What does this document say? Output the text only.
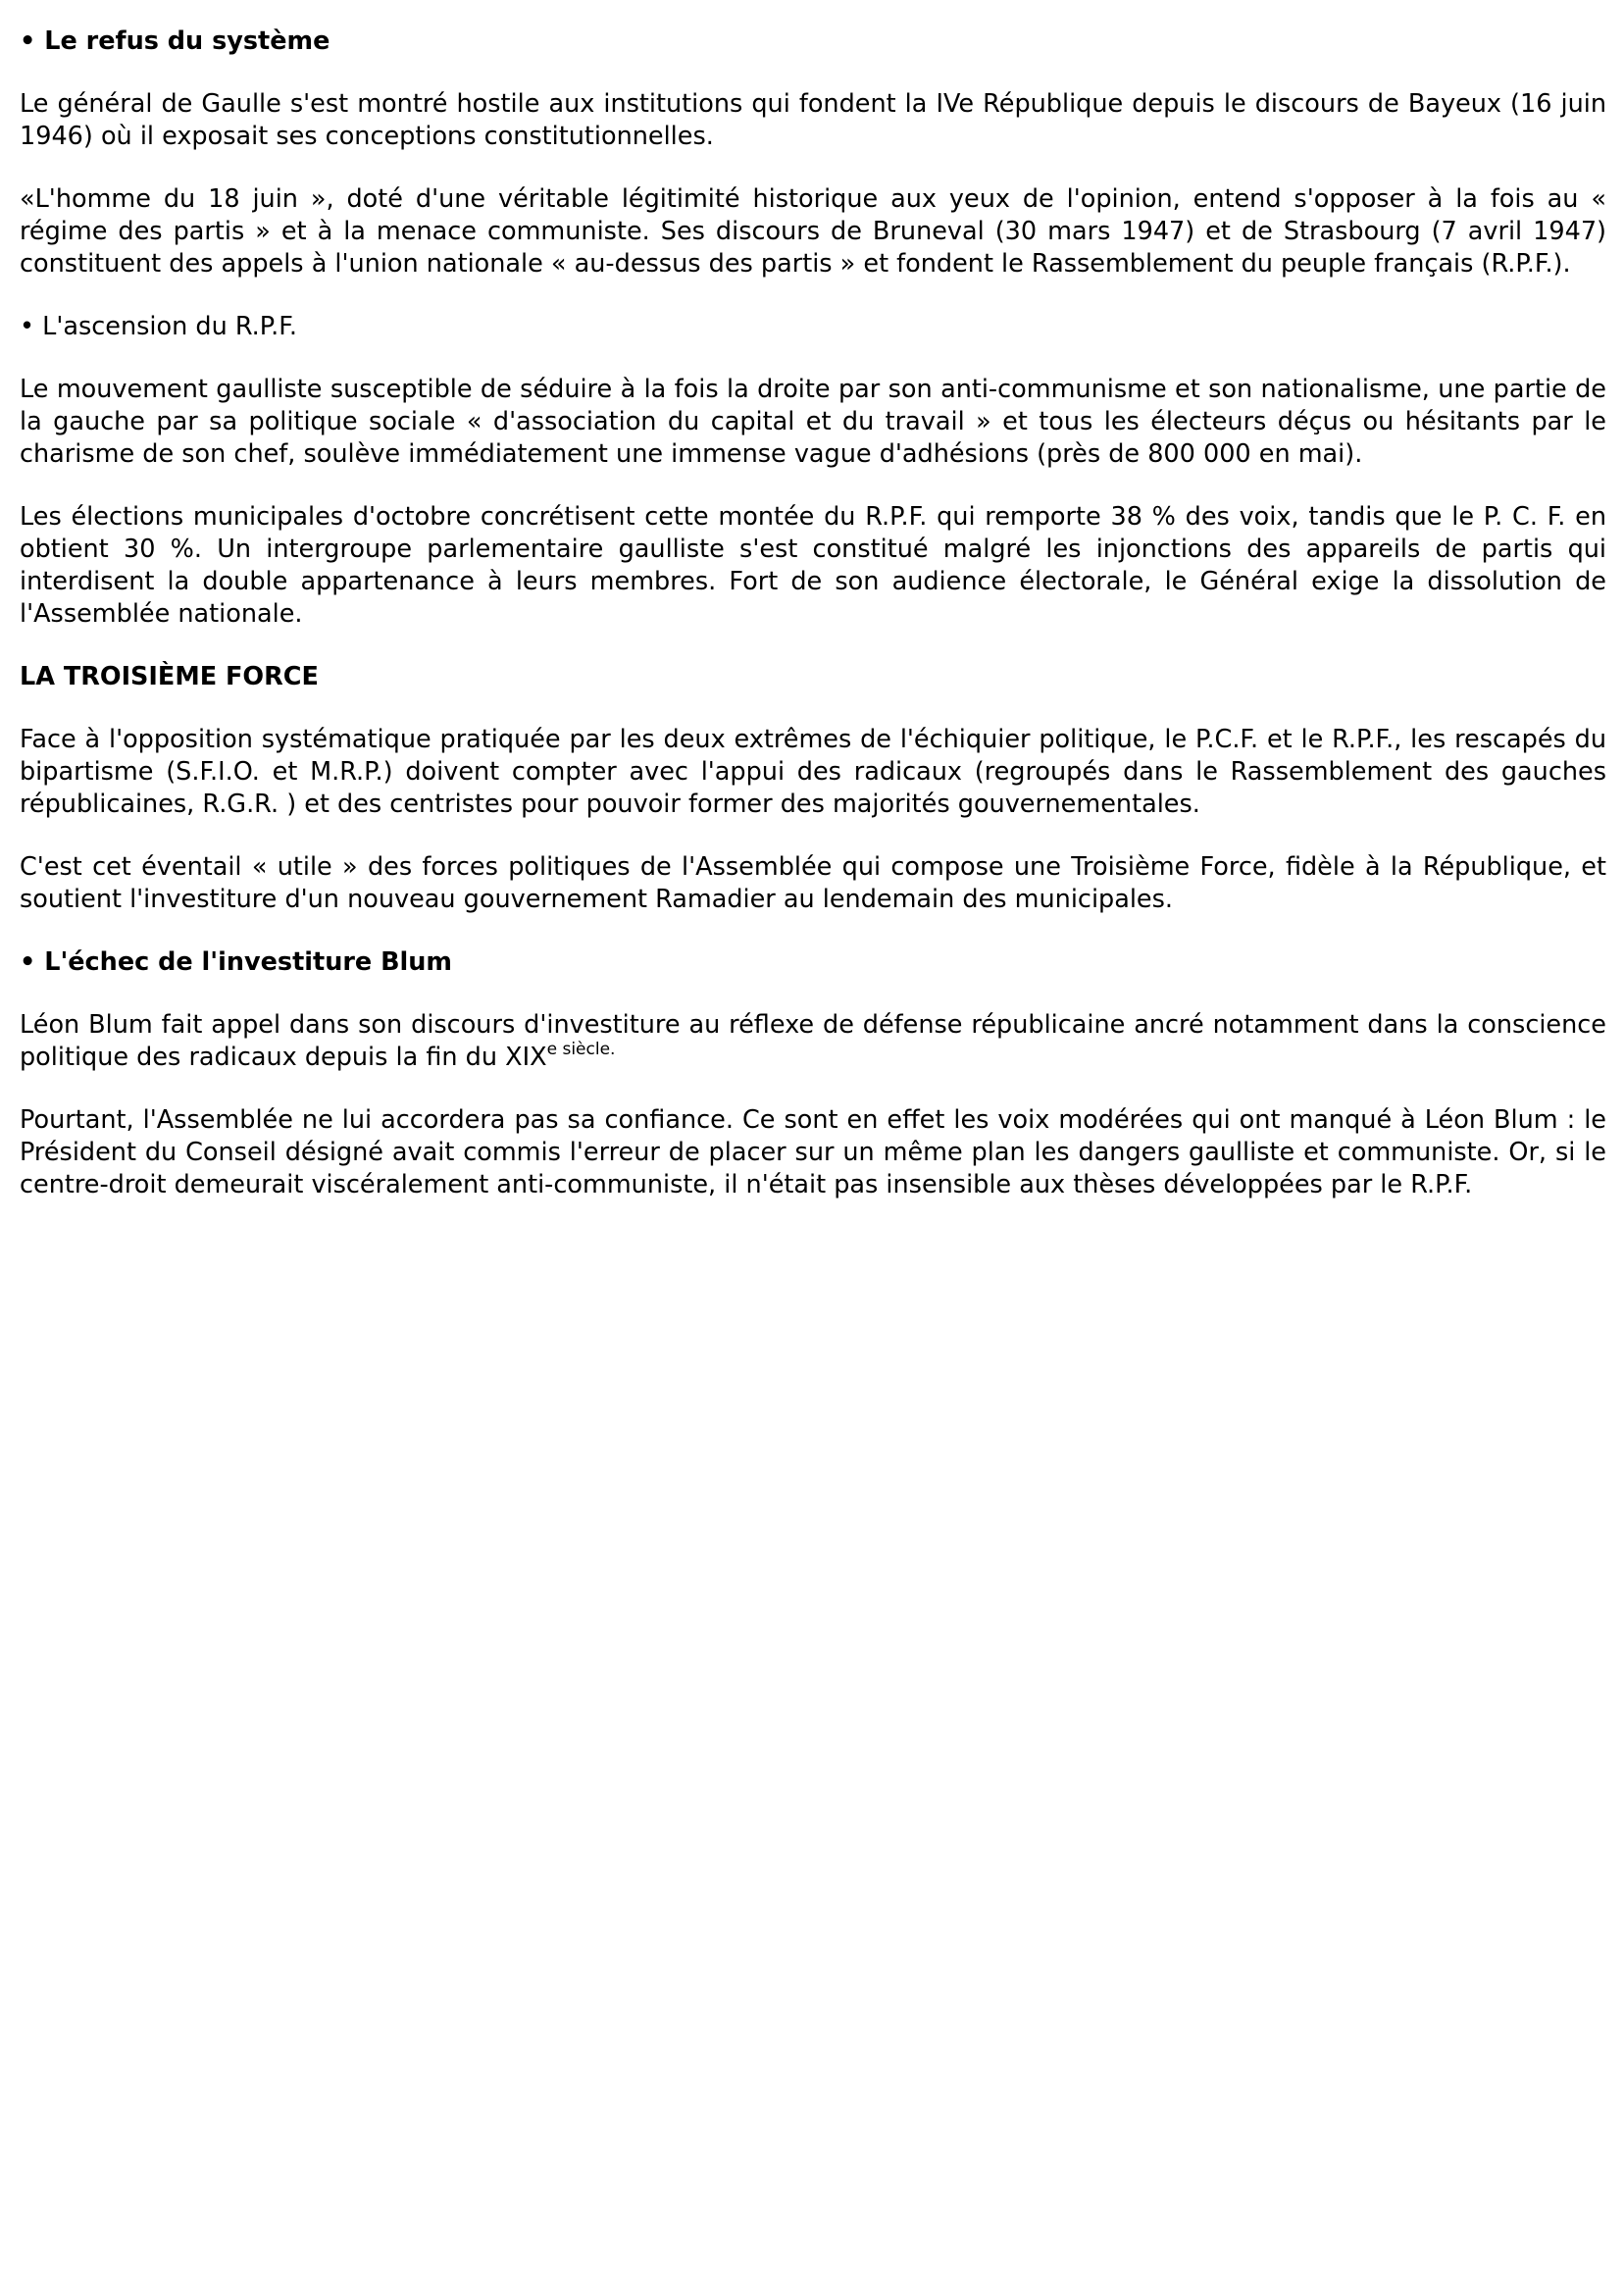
• Le refus du système

Le général de Gaulle s'est montré hostile aux institutions qui fondent la IVe République depuis le discours de Bayeux (16 juin 1946) où il exposait ses conceptions constitutionnelles.

«L'homme du 18 juin », doté d'une véritable légitimité historique aux yeux de l'opinion, entend s'opposer à la fois au « régime des partis » et à la menace communiste. Ses discours de Bruneval (30 mars 1947) et de Strasbourg (7 avril 1947) constituent des appels à l'union nationale « au-dessus des partis » et fondent le Rassemblement du peuple français (R.P.F.).

• L'ascension du R.P.F.

Le mouvement gaulliste susceptible de séduire à la fois la droite par son anti-communisme et son nationalisme, une partie de la gauche par sa politique sociale « d'association du capital et du travail » et tous les électeurs déçus ou hésitants par le charisme de son chef, soulève immédiatement une immense vague d'adhésions (près de 800 000 en mai).

Les élections municipales d'octobre concrétisent cette montée du R.P.F. qui remporte 38 % des voix, tandis que le P. C. F. en obtient 30 %. Un intergroupe parlementaire gaulliste s'est constitué malgré les injonctions des appareils de partis qui interdisent la double appartenance à leurs membres. Fort de son audience électorale, le Général exige la dissolution de l'Assemblée nationale.

LA TROISIÈME FORCE

Face à l'opposition systématique pratiquée par les deux extrêmes de l'échiquier politique, le P.C.F. et le R.P.F., les rescapés du bipartisme (S.F.I.O. et M.R.P.) doivent compter avec l'appui des radicaux (regroupés dans le Rassemblement des gauches républicaines, R.G.R. ) et des centristes pour pouvoir former des majorités gouvernementales.

C'est cet éventail « utile » des forces politiques de l'Assemblée qui compose une Troisième Force, fidèle à la République, et soutient l'investiture d'un nouveau gouvernement Ramadier au lendemain des municipales.

• L'échec de l'investiture Blum

Léon Blum fait appel dans son discours d'investiture au réflexe de défense républicaine ancré notamment dans la conscience politique des radicaux depuis la fin du $XIX^{e siècle.}$

Pourtant, l'Assemblée ne lui accordera pas sa confiance. Ce sont en effet les voix modérées qui ont manqué à Léon Blum : le Président du Conseil désigné avait commis l'erreur de placer sur un même plan les dangers gaulliste et communiste. Or, si le centre-droit demeurait viscéralement anti-communiste, il n'était pas insensible aux thèses développées par le R.P.F.
